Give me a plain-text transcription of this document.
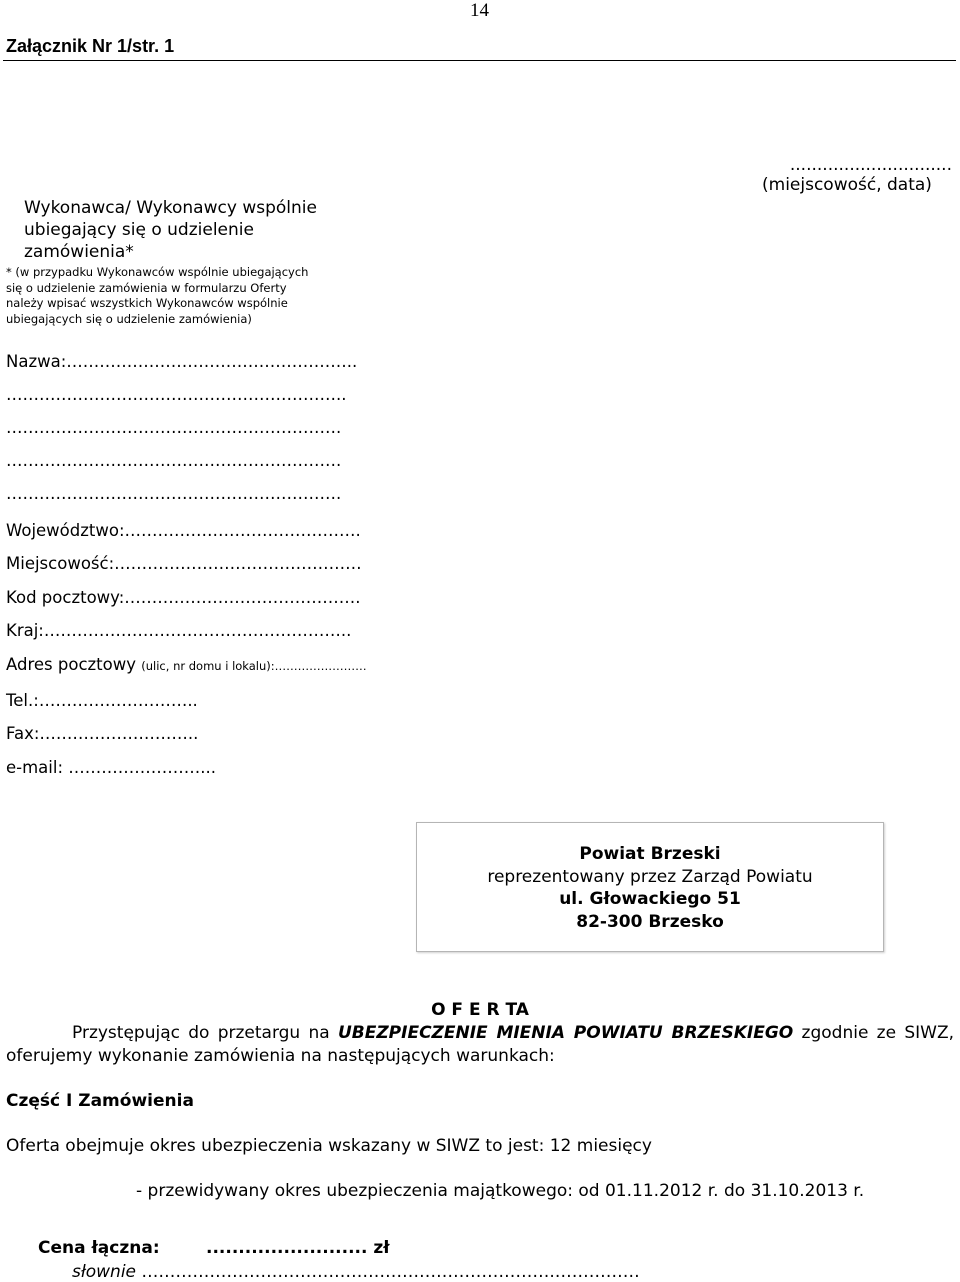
14
Załącznik Nr 1/str. 1
Wykonawca/ Wykonawcy wspólnie ubiegający się o udzielenie zamówienia*
* (w przypadku Wykonawców wspólnie ubiegających się o udzielenie zamówienia w formularzu Oferty należy wpisać wszystkich Wykonawców wspólnie ubiegających się o udzielenie zamówienia)
..............................
(miejscowość, data)
Nazwa:……………………………………………..
……………………………………………………..
…………………………………………………….
…………………………………………………….
…………………………………………………….
Województwo:…………………………………….
Miejscowość:………………………………………
Kod pocztowy:…………………………………….
Kraj:………………………………………………..
Adres pocztowy (ulic, nr domu i lokalu):……………………
Tel.:………………………..
Fax:………………………..
e-mail: ……………………...
Powiat Brzeski
reprezentowany przez Zarząd Powiatu
ul. Głowackiego 51
82-300 Brzesko
O F E R TA
Przystępując do przetargu na UBEZPIECZENIE MIENIA POWIATU BRZESKIEGO zgodnie ze SIWZ, oferujemy wykonanie zamówienia na następujących warunkach:
Część I Zamówienia
Oferta obejmuje okres ubezpieczenia wskazany w SIWZ to jest: 12 miesięcy
- przewidywany okres ubezpieczenia majątkowego: od 01.11.2012 r. do 31.10.2013 r.
Cena łączna:	......................... zł
słownie ……………………………………………………………….……………
